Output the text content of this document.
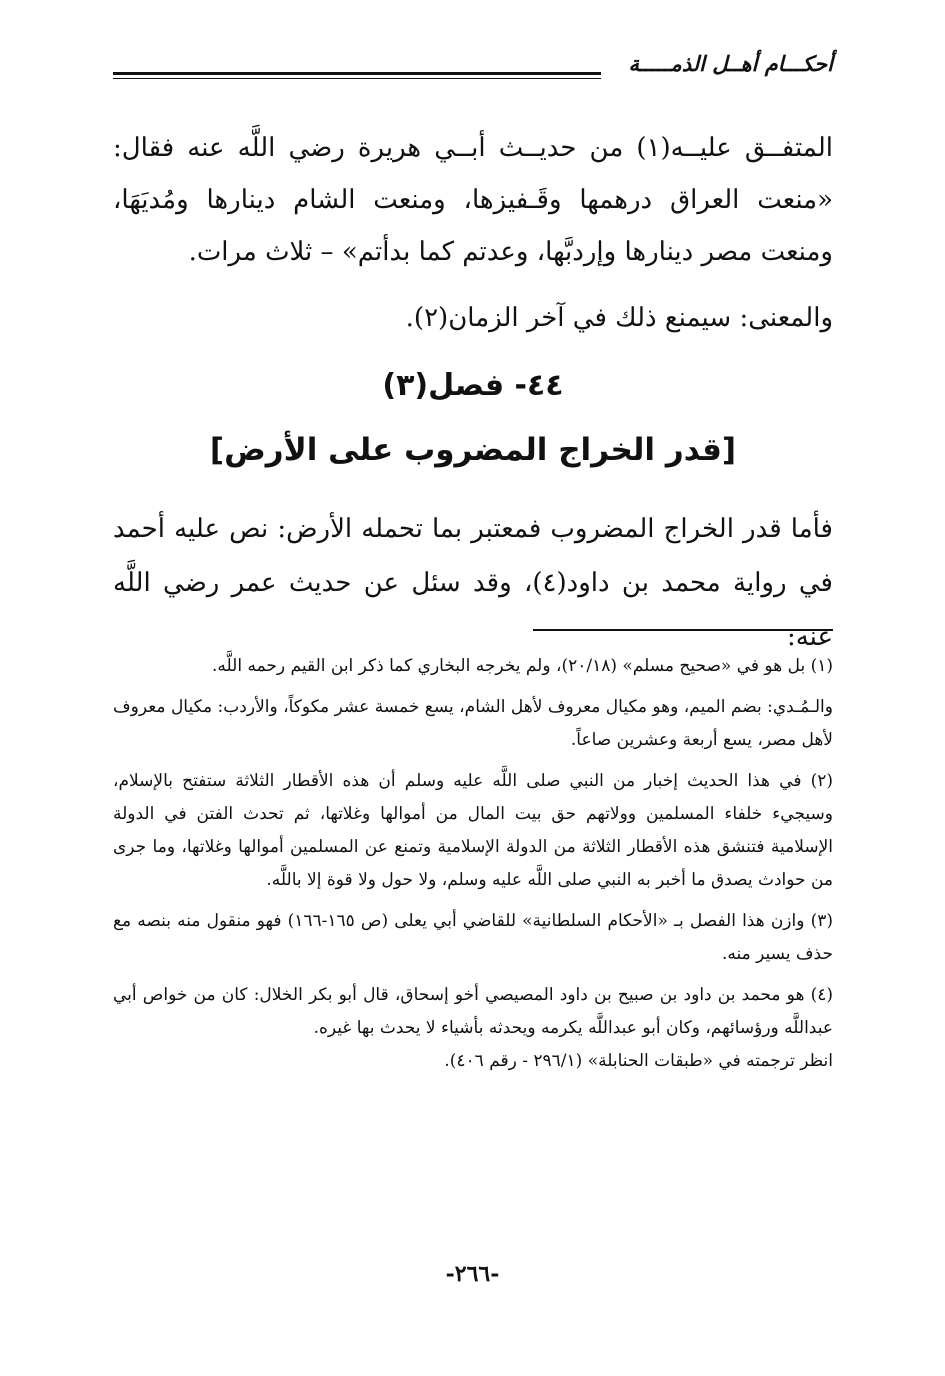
أحكـــام أهــل الذمـــــة

المتفــق عليــه(١) من حديــث أبــي هريرة رضي اللَّه عنه فقال: «منعت العراق درهمها وقَـفيزها، ومنعت الشام دينارها ومُديَهَا، ومنعت مصر دينارها وإردبَّها، وعدتم كما بدأتم» – ثلاث مرات.

والمعنى: سيمنع ذلك في آخر الزمان(٢).

٤٤- فصل(٣)
[قدر الخراج المضروب على الأرض]

فأما قدر الخراج المضروب فمعتبر بما تحمله الأرض: نص عليه أحمد في رواية محمد بن داود(٤)، وقد سئل عن حديث عمر رضي اللَّه عنه:

(١) بل هو في «صحيح مسلم» (٢٠/١٨)، ولم يخرجه البخاري كما ذكر ابن القيم رحمه اللَّه.

والـمُـدي: بضم الميم، وهو مكيال معروف لأهل الشام، يسع خمسة عشر مكوكاً، والأردب: مكيال معروف لأهل مصر، يسع أربعة وعشرين صاعاً.

(٢) في هذا الحديث إخبار من النبي صلى اللَّه عليه وسلم أن هذه الأقطار الثلاثة ستفتح بالإسلام، وسيجيء خلفاء المسلمين وولاتهم حق بيت المال من أموالها وغلاتها، ثم تحدث الفتن في الدولة الإسلامية فتنشق هذه الأقطار الثلاثة من الدولة الإسلامية وتمنع عن المسلمين أموالها وغلاتها، وما جرى من حوادث يصدق ما أخبر به النبي صلى اللَّه عليه وسلم، ولا حول ولا قوة إلا باللَّه.

(٣) وازن هذا الفصل بـ «الأحكام السلطانية» للقاضي أبي يعلى (ص ١٦٥-١٦٦) فهو منقول منه بنصه مع حذف يسير منه.

(٤) هو محمد بن داود بن صبيح بن داود المصيصي أخو إسحاق، قال أبو بكر الخلال: كان من خواص أبي عبداللَّه ورؤسائهم، وكان أبو عبداللَّه يكرمه ويحدثه بأشياء لا يحدث بها غيره.

انظر ترجمته في «طبقات الحنابلة» (٢٩٦/١ - رقم ٤٠٦).

-٢٦٦-
